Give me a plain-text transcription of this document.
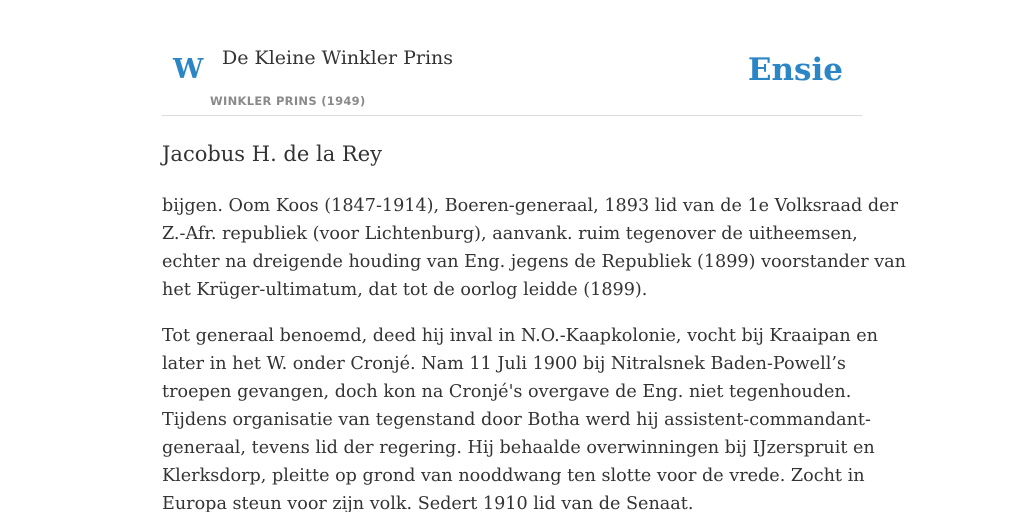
W De Kleine Winkler Prins
WINKLER PRINS (1949)
Ensie
Jacobus H. de la Rey

bijgen. Oom Koos (1847-1914), Boeren-generaal, 1893 lid van de 1e Volksraad der
Z.-Afr. republiek (voor Lichtenburg), aanvank. ruim tegenover de uitheemsen,
echter na dreigende houding van Eng. jegens de Republiek (1899) voorstander van
het Krüger-ultimatum, dat tot de oorlog leidde (1899).

Tot generaal benoemd, deed hij inval in N.O.-Kaapkolonie, vocht bij Kraaipan en
later in het W. onder Cronjé. Nam 11 Juli 1900 bij Nitralsnek Baden-Powell’s
troepen gevangen, doch kon na Cronjé's overgave de Eng. niet tegenhouden.
Tijdens organisatie van tegenstand door Botha werd hij assistent-commandant-
generaal, tevens lid der regering. Hij behaalde overwinningen bij IJzerspruit en
Klerksdorp, pleitte op grond van nooddwang ten slotte voor de vrede. Zocht in
Europa steun voor zijn volk. Sedert 1910 lid van de Senaat.
